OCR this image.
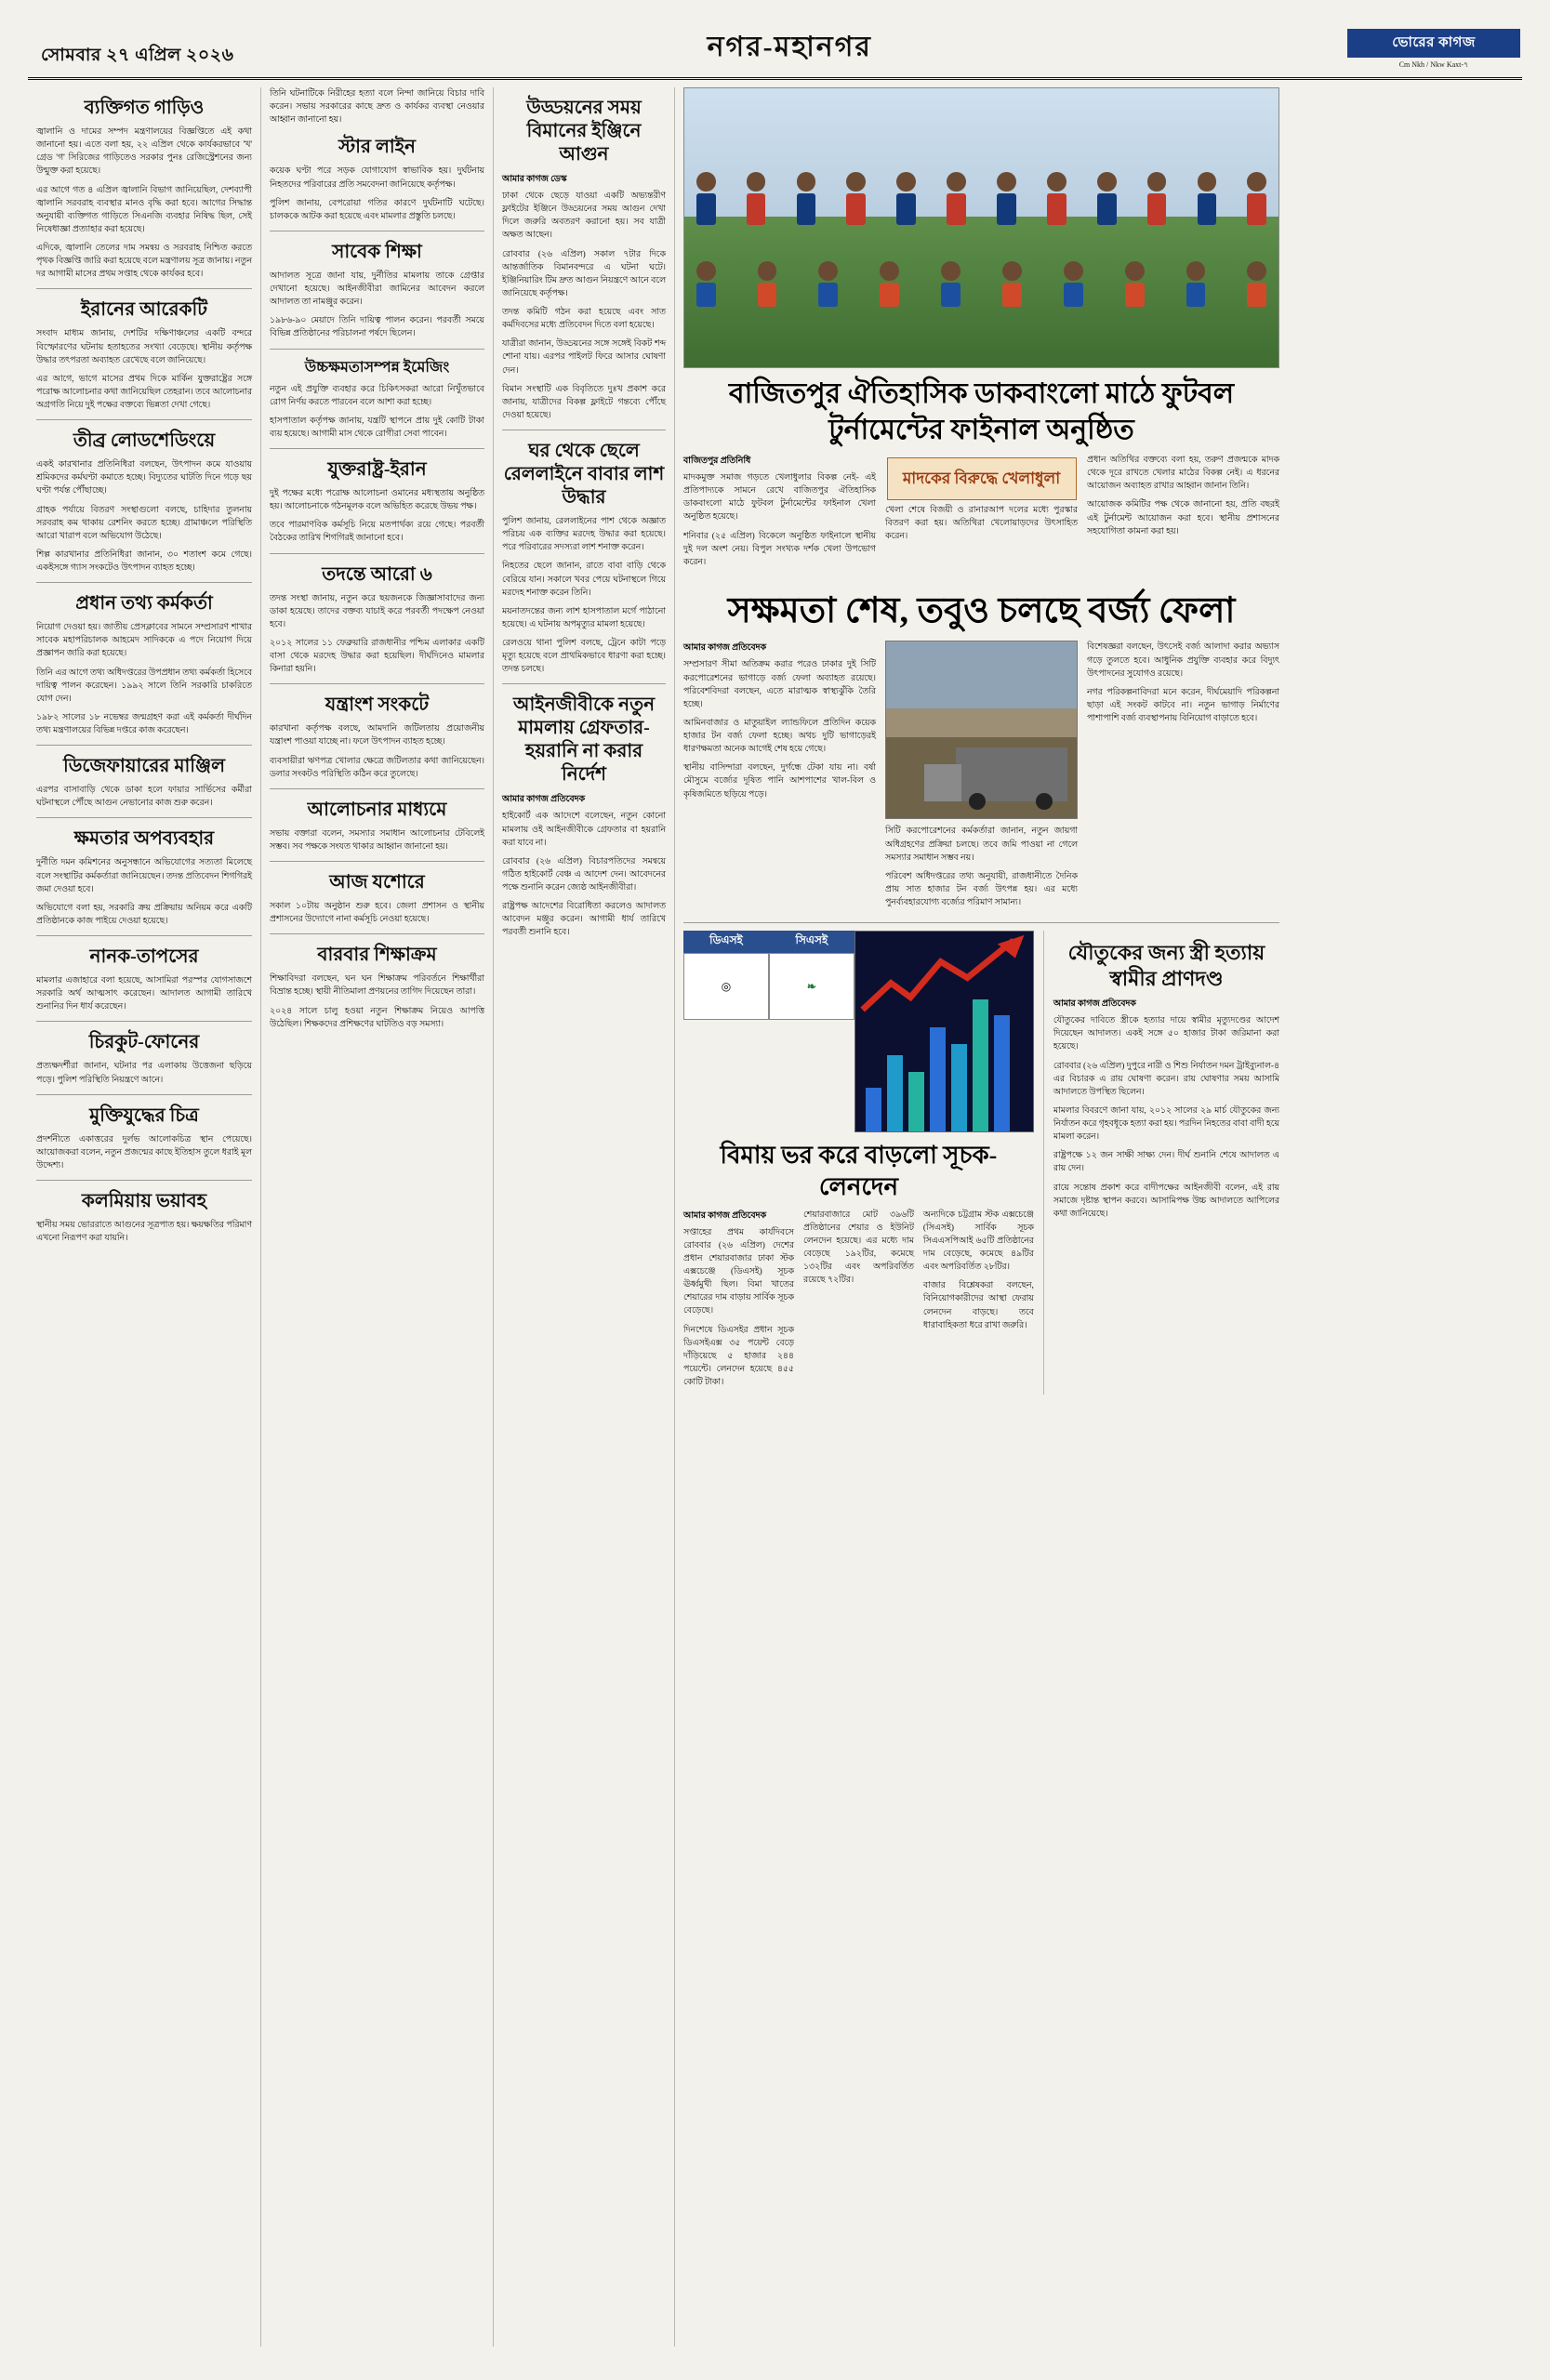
সোমবার ২৭ এপ্রিল ২০২৬	নগর-মহানগর	ভোরের কাগজ
Cm Nkh / Nkw Kaxt-৭
ব্যক্তিগত গাড়িও

জ্বালানি ও দামের সম্পদ মন্ত্রণালয়ের বিজ্ঞপ্তিতে এই কথা জানানো হয়। এতে বলা হয়, ২২ এপ্রিল থেকে কার্যকরভাবে 'খ' গ্রেড 'গ' সিরিজের গাড়িতেও সরকার পুনঃ রেজিস্ট্রেশনের জন্য উন্মুক্ত করা হয়েছে।

এর আগে গত ৪ এপ্রিল জ্বালানি বিভাগ জানিয়েছিল, দেশব্যাপী জ্বালানি সরবরাহ ব্যবস্থার মানও বৃদ্ধি করা হবে। আগের সিদ্ধান্ত অনুযায়ী ব্যক্তিগত গাড়িতে সিএনজি ব্যবহার নিষিদ্ধ ছিল, সেই নিষেধাজ্ঞা প্রত্যাহার করা হয়েছে।

এদিকে, জ্বালানি তেলের দাম সমন্বয় ও সরবরাহ নিশ্চিত করতে পৃথক বিজ্ঞপ্তি জারি করা হয়েছে বলে মন্ত্রণালয় সূত্র জানায়। নতুন দর আগামী মাসের প্রথম সপ্তাহ থেকে কার্যকর হবে।

ইরানের আরেকটি

সংবাদ মাধ্যম জানায়, দেশটির দক্ষিণাঞ্চলের একটি বন্দরে বিস্ফোরণের ঘটনায় হতাহতের সংখ্যা বেড়েছে। স্থানীয় কর্তৃপক্ষ উদ্ধার তৎপরতা অব্যাহত রেখেছে বলে জানিয়েছে।

এর আগে, ভাগে মাসের প্রথম দিকে মার্কিন যুক্তরাষ্ট্রের সঙ্গে পরোক্ষ আলোচনার কথা জানিয়েছিল তেহরান। তবে আলোচনার অগ্রগতি নিয়ে দুই পক্ষের বক্তব্যে ভিন্নতা দেখা গেছে।

তীব্র লোডশেডিংয়ে

একই কারখানার প্রতিনিধিরা বলছেন, উৎপাদন কমে যাওয়ায় শ্রমিকদের কর্মঘণ্টা কমাতে হচ্ছে। বিদ্যুতের ঘাটতি দিনে গড়ে ছয় ঘণ্টা পর্যন্ত পৌঁছাচ্ছে।

গ্রাহক পর্যায়ে বিতরণ সংস্থাগুলো বলছে, চাহিদার তুলনায় সরবরাহ কম থাকায় রেশনিং করতে হচ্ছে। গ্রামাঞ্চলে পরিস্থিতি আরো খারাপ বলে অভিযোগ উঠেছে।

শিল্প কারখানার প্রতিনিধিরা জানান, ৩০ শতাংশ কমে গেছে। একইসঙ্গে গ্যাস সংকটেও উৎপাদন ব্যাহত হচ্ছে।

প্রধান তথ্য কর্মকর্তা

নিয়োগ দেওয়া হয়। জাতীয় প্রেসক্লাবের সামনে সম্প্রসারণ শাখার সাবেক মহাপরিচালক আহমেদ সাদিককে এ পদে নিয়োগ দিয়ে প্রজ্ঞাপন জারি করা হয়েছে।

তিনি এর আগে তথ্য অধিদপ্তরের উপপ্রধান তথ্য কর্মকর্তা হিসেবে দায়িত্ব পালন করেছেন। ১৯৯২ সালে তিনি সরকারি চাকরিতে যোগ দেন।

১৯৮২ সালের ১৮ নভেম্বর জন্মগ্রহণ করা এই কর্মকর্তা দীর্ঘদিন তথ্য মন্ত্রণালয়ের বিভিন্ন দপ্তরে কাজ করেছেন।

ডিজেফায়ারের মাঞ্জিল

এরপর বাসাবাড়ি থেকে ডাকা হলে ফায়ার সার্ভিসের কর্মীরা ঘটনাস্থলে পৌঁছে আগুন নেভানোর কাজ শুরু করেন।

ক্ষমতার অপব্যবহার

দুর্নীতি দমন কমিশনের অনুসন্ধানে অভিযোগের সত্যতা মিলেছে বলে সংস্থাটির কর্মকর্তারা জানিয়েছেন। তদন্ত প্রতিবেদন শিগগিরই জমা দেওয়া হবে।

অভিযোগে বলা হয়, সরকারি ক্রয় প্রক্রিয়ায় অনিয়ম করে একটি প্রতিষ্ঠানকে কাজ পাইয়ে দেওয়া হয়েছে।

নানক-তাপসের

মামলার এজাহারে বলা হয়েছে, আসামিরা পরস্পর যোগসাজশে সরকারি অর্থ আত্মসাৎ করেছেন। আদালত আগামী তারিখে শুনানির দিন ধার্য করেছেন।

চিরকুট-ফোনের

প্রত্যক্ষদর্শীরা জানান, ঘটনার পর এলাকায় উত্তেজনা ছড়িয়ে পড়ে। পুলিশ পরিস্থিতি নিয়ন্ত্রণে আনে।

মুক্তিযুদ্ধের চিত্র

প্রদর্শনীতে একাত্তরের দুর্লভ আলোকচিত্র স্থান পেয়েছে। আয়োজকরা বলেন, নতুন প্রজন্মের কাছে ইতিহাস তুলে ধরাই মূল উদ্দেশ্য।

কলমিয়ায় ভয়াবহ

স্থানীয় সময় ভোররাতে আগুনের সূত্রপাত হয়। ক্ষয়ক্ষতির পরিমাণ এখনো নিরূপণ করা যায়নি।

তিনি ঘটনাটিকে নিরীহের হত্যা বলে নিন্দা জানিয়ে বিচার দাবি করেন। সভায় সরকারের কাছে দ্রুত ও কার্যকর ব্যবস্থা নেওয়ার আহ্বান জানানো হয়।

স্টার লাইন

কয়েক ঘণ্টা পরে সড়ক যোগাযোগ স্বাভাবিক হয়। দুর্ঘটনায় নিহতদের পরিবারের প্রতি সমবেদনা জানিয়েছে কর্তৃপক্ষ।

পুলিশ জানায়, বেপরোয়া গতির কারণে দুর্ঘটনাটি ঘটেছে। চালককে আটক করা হয়েছে এবং মামলার প্রস্তুতি চলছে।

সাবেক শিক্ষা

আদালত সূত্রে জানা যায়, দুর্নীতির মামলায় তাকে গ্রেপ্তার দেখানো হয়েছে। আইনজীবীরা জামিনের আবেদন করলে আদালত তা নামঞ্জুর করেন।

১৯৮৬-৯০ মেয়াদে তিনি দায়িত্ব পালন করেন। পরবর্তী সময়ে বিভিন্ন প্রতিষ্ঠানের পরিচালনা পর্ষদে ছিলেন।

উচ্চক্ষমতাসম্পন্ন ইমেজিং

নতুন এই প্রযুক্তি ব্যবহার করে চিকিৎসকরা আরো নিখুঁতভাবে রোগ নির্ণয় করতে পারবেন বলে আশা করা হচ্ছে।

হাসপাতাল কর্তৃপক্ষ জানায়, যন্ত্রটি স্থাপনে প্রায় দুই কোটি টাকা ব্যয় হয়েছে। আগামী মাস থেকে রোগীরা সেবা পাবেন।

যুক্তরাষ্ট্র-ইরান

দুই পক্ষের মধ্যে পরোক্ষ আলোচনা ওমানের মধ্যস্থতায় অনুষ্ঠিত হয়। আলোচনাকে গঠনমূলক বলে অভিহিত করেছে উভয় পক্ষ।

তবে পারমাণবিক কর্মসূচি নিয়ে মতপার্থক্য রয়ে গেছে। পরবর্তী বৈঠকের তারিখ শিগগিরই জানানো হবে।

তদন্তে আরো ৬

তদন্ত সংস্থা জানায়, নতুন করে ছয়জনকে জিজ্ঞাসাবাদের জন্য ডাকা হয়েছে। তাদের বক্তব্য যাচাই করে পরবর্তী পদক্ষেপ নেওয়া হবে।

২০১২ সালের ১১ ফেব্রুয়ারি রাজধানীর পশ্চিম এলাকার একটি বাসা থেকে মরদেহ উদ্ধার করা হয়েছিল। দীর্ঘদিনেও মামলার কিনারা হয়নি।

যন্ত্রাংশ সংকটে

কারখানা কর্তৃপক্ষ বলছে, আমদানি জটিলতায় প্রয়োজনীয় যন্ত্রাংশ পাওয়া যাচ্ছে না। ফলে উৎপাদন ব্যাহত হচ্ছে।

ব্যবসায়ীরা ঋণপত্র খোলার ক্ষেত্রে জটিলতার কথা জানিয়েছেন। ডলার সংকটও পরিস্থিতি কঠিন করে তুলেছে।

আলোচনার মাধ্যমে

সভায় বক্তারা বলেন, সমস্যার সমাধান আলোচনার টেবিলেই সম্ভব। সব পক্ষকে সংযত থাকার আহ্বান জানানো হয়।

আজ যশোরে

সকাল ১০টায় অনুষ্ঠান শুরু হবে। জেলা প্রশাসন ও স্থানীয় প্রশাসনের উদ্যোগে নানা কর্মসূচি নেওয়া হয়েছে।

বারবার শিক্ষাক্রম

শিক্ষাবিদরা বলছেন, ঘন ঘন শিক্ষাক্রম পরিবর্তনে শিক্ষার্থীরা বিভ্রান্ত হচ্ছে। স্থায়ী নীতিমালা প্রণয়নের তাগিদ দিয়েছেন তারা।

২০২৪ সালে চালু হওয়া নতুন শিক্ষাক্রম নিয়েও আপত্তি উঠেছিল। শিক্ষকদের প্রশিক্ষণের ঘাটতিও বড় সমস্যা।

উড্ডয়নের সময় বিমানের ইঞ্জিনে আগুন

আমার কাগজ ডেস্ক

ঢাকা থেকে ছেড়ে যাওয়া একটি অভ্যন্তরীণ ফ্লাইটের ইঞ্জিনে উড্ডয়নের সময় আগুন দেখা দিলে জরুরি অবতরণ করানো হয়। সব যাত্রী অক্ষত আছেন।

রোববার (২৬ এপ্রিল) সকাল ৭টার দিকে আন্তর্জাতিক বিমানবন্দরে এ ঘটনা ঘটে। ইঞ্জিনিয়ারিং টিম দ্রুত আগুন নিয়ন্ত্রণে আনে বলে জানিয়েছে কর্তৃপক্ষ।

তদন্ত কমিটি গঠন করা হয়েছে এবং সাত কর্মদিবসের মধ্যে প্রতিবেদন দিতে বলা হয়েছে।

যাত্রীরা জানান, উড্ডয়নের সঙ্গে সঙ্গেই বিকট শব্দ শোনা যায়। এরপর পাইলট ফিরে আসার ঘোষণা দেন।

বিমান সংস্থাটি এক বিবৃতিতে দুঃখ প্রকাশ করে জানায়, যাত্রীদের বিকল্প ফ্লাইটে গন্তব্যে পৌঁছে দেওয়া হয়েছে।

ঘর থেকে ছেলে রেললাইনে বাবার লাশ উদ্ধার

পুলিশ জানায়, রেললাইনের পাশ থেকে অজ্ঞাত পরিচয় এক ব্যক্তির মরদেহ উদ্ধার করা হয়েছে। পরে পরিবারের সদস্যরা লাশ শনাক্ত করেন।

নিহতের ছেলে জানান, রাতে বাবা বাড়ি থেকে বেরিয়ে যান। সকালে খবর পেয়ে ঘটনাস্থলে গিয়ে মরদেহ শনাক্ত করেন তিনি।

ময়নাতদন্তের জন্য লাশ হাসপাতাল মর্গে পাঠানো হয়েছে। এ ঘটনায় অপমৃত্যুর মামলা হয়েছে।

রেলওয়ে থানা পুলিশ বলছে, ট্রেনে কাটা পড়ে মৃত্যু হয়েছে বলে প্রাথমিকভাবে ধারণা করা হচ্ছে। তদন্ত চলছে।

আইনজীবীকে নতুন মামলায় গ্রেফতার-হয়রানি না করার নির্দেশ

আমার কাগজ প্রতিবেদক

হাইকোর্ট এক আদেশে বলেছেন, নতুন কোনো মামলায় ওই আইনজীবীকে গ্রেফতার বা হয়রানি করা যাবে না।

রোববার (২৬ এপ্রিল) বিচারপতিদের সমন্বয়ে গঠিত হাইকোর্ট বেঞ্চ এ আদেশ দেন। আবেদনের পক্ষে শুনানি করেন জ্যেষ্ঠ আইনজীবীরা।

রাষ্ট্রপক্ষ আদেশের বিরোধিতা করলেও আদালত আবেদন মঞ্জুর করেন। আগামী ধার্য তারিখে পরবর্তী শুনানি হবে।

বাজিতপুর ঐতিহাসিক ডাকবাংলো মাঠে ফুটবল টুর্নামেন্টের ফাইনাল অনুষ্ঠিত

বাজিতপুর প্রতিনিধি

মাদকমুক্ত সমাজ গড়তে খেলাধুলার বিকল্প নেই- এই প্রতিপাদ্যকে সামনে রেখে বাজিতপুর ঐতিহাসিক ডাকবাংলো মাঠে ফুটবল টুর্নামেন্টের ফাইনাল খেলা অনুষ্ঠিত হয়েছে।

শনিবার (২৫ এপ্রিল) বিকেলে অনুষ্ঠিত ফাইনালে স্থানীয় দুই দল অংশ নেয়। বিপুল সংখ্যক দর্শক খেলা উপভোগ করেন।

মাদকের বিরুদ্ধে খেলাধুলা

খেলা শেষে বিজয়ী ও রানারআপ দলের মধ্যে পুরস্কার বিতরণ করা হয়। অতিথিরা খেলোয়াড়দের উৎসাহিত করেন।

প্রধান অতিথির বক্তব্যে বলা হয়, তরুণ প্রজন্মকে মাদক থেকে দূরে রাখতে খেলার মাঠের বিকল্প নেই। এ ধরনের আয়োজন অব্যাহত রাখার আহ্বান জানান তিনি।

আয়োজক কমিটির পক্ষ থেকে জানানো হয়, প্রতি বছরই এই টুর্নামেন্ট আয়োজন করা হবে। স্থানীয় প্রশাসনের সহযোগিতা কামনা করা হয়।

সক্ষমতা শেষ, তবুও চলছে বর্জ্য ফেলা

আমার কাগজ প্রতিবেদক

সম্প্রসারণ সীমা অতিক্রম করার পরেও ঢাকার দুই সিটি করপোরেশনের ভাগাড়ে বর্জ্য ফেলা অব্যাহত রয়েছে। পরিবেশবিদরা বলছেন, এতে মারাত্মক স্বাস্থ্যঝুঁকি তৈরি হচ্ছে।

আমিনবাজার ও মাতুয়াইল ল্যান্ডফিলে প্রতিদিন কয়েক হাজার টন বর্জ্য ফেলা হচ্ছে। অথচ দুটি ভাগাড়েরই ধারণক্ষমতা অনেক আগেই শেষ হয়ে গেছে।

স্থানীয় বাসিন্দারা বলছেন, দুর্গন্ধে টেকা যায় না। বর্ষা মৌসুমে বর্জ্যের দূষিত পানি আশপাশের খাল-বিল ও কৃষিজমিতে ছড়িয়ে পড়ে।

সিটি করপোরেশনের কর্মকর্তারা জানান, নতুন জায়গা অধিগ্রহণের প্রক্রিয়া চলছে। তবে জমি পাওয়া না গেলে সমস্যার সমাধান সম্ভব নয়।

পরিবেশ অধিদপ্তরের তথ্য অনুযায়ী, রাজধানীতে দৈনিক প্রায় সাত হাজার টন বর্জ্য উৎপন্ন হয়। এর মধ্যে পুনর্ব্যবহারযোগ্য বর্জ্যের পরিমাণ সামান্য।

বিশেষজ্ঞরা বলছেন, উৎসেই বর্জ্য আলাদা করার অভ্যাস গড়ে তুলতে হবে। আধুনিক প্রযুক্তি ব্যবহার করে বিদ্যুৎ উৎপাদনের সুযোগও রয়েছে।

নগর পরিকল্পনাবিদরা মনে করেন, দীর্ঘমেয়াদি পরিকল্পনা ছাড়া এই সংকট কাটবে না। নতুন ভাগাড় নির্মাণের পাশাপাশি বর্জ্য ব্যবস্থাপনায় বিনিয়োগ বাড়াতে হবে।

ডিএসই
◎
সিএসই
❧
বিমায় ভর করে বাড়লো সূচক-লেনদেন

আমার কাগজ প্রতিবেদক

সপ্তাহের প্রথম কার্যদিবসে রোববার (২৬ এপ্রিল) দেশের প্রধান শেয়ারবাজার ঢাকা স্টক এক্সচেঞ্জে (ডিএসই) সূচক ঊর্ধ্বমুখী ছিল। বিমা খাতের শেয়ারের দাম বাড়ায় সার্বিক সূচক বেড়েছে।

দিনশেষে ডিএসইর প্রধান সূচক ডিএসইএক্স ৩৫ পয়েন্ট বেড়ে দাঁড়িয়েছে ৫ হাজার ২৪৪ পয়েন্টে। লেনদেন হয়েছে ৪৫৫ কোটি টাকা।

শেয়ারবাজারে মোট ৩৯৬টি প্রতিষ্ঠানের শেয়ার ও ইউনিট লেনদেন হয়েছে। এর মধ্যে দাম বেড়েছে ১৯২টির, কমেছে ১৩২টির এবং অপরিবর্তিত রয়েছে ৭২টির।

অন্যদিকে চট্টগ্রাম স্টক এক্সচেঞ্জে (সিএসই) সার্বিক সূচক সিএএসপিআই ৬৫টি প্রতিষ্ঠানের দাম বেড়েছে, কমেছে ৪৯টির এবং অপরিবর্তিত ২৮টির।

বাজার বিশ্লেষকরা বলছেন, বিনিয়োগকারীদের আস্থা ফেরায় লেনদেন বাড়ছে। তবে ধারাবাহিকতা ধরে রাখা জরুরি।

যৌতুকের জন্য স্ত্রী হত্যায় স্বামীর প্রাণদণ্ড

আমার কাগজ প্রতিবেদক

যৌতুকের দাবিতে স্ত্রীকে হত্যার দায়ে স্বামীর মৃত্যুদণ্ডের আদেশ দিয়েছেন আদালত। একই সঙ্গে ৫০ হাজার টাকা জরিমানা করা হয়েছে।

রোববার (২৬ এপ্রিল) দুপুরে নারী ও শিশু নির্যাতন দমন ট্রাইব্যুনাল-৪ এর বিচারক এ রায় ঘোষণা করেন। রায় ঘোষণার সময় আসামি আদালতে উপস্থিত ছিলেন।

মামলার বিবরণে জানা যায়, ২০১২ সালের ২৯ মার্চ যৌতুকের জন্য নির্যাতন করে গৃহবধূকে হত্যা করা হয়। পরদিন নিহতের বাবা বাদী হয়ে মামলা করেন।

রাষ্ট্রপক্ষে ১২ জন সাক্ষী সাক্ষ্য দেন। দীর্ঘ শুনানি শেষে আদালত এ রায় দেন।

রায়ে সন্তোষ প্রকাশ করে বাদীপক্ষের আইনজীবী বলেন, এই রায় সমাজে দৃষ্টান্ত স্থাপন করবে। আসামিপক্ষ উচ্চ আদালতে আপিলের কথা জানিয়েছে।
